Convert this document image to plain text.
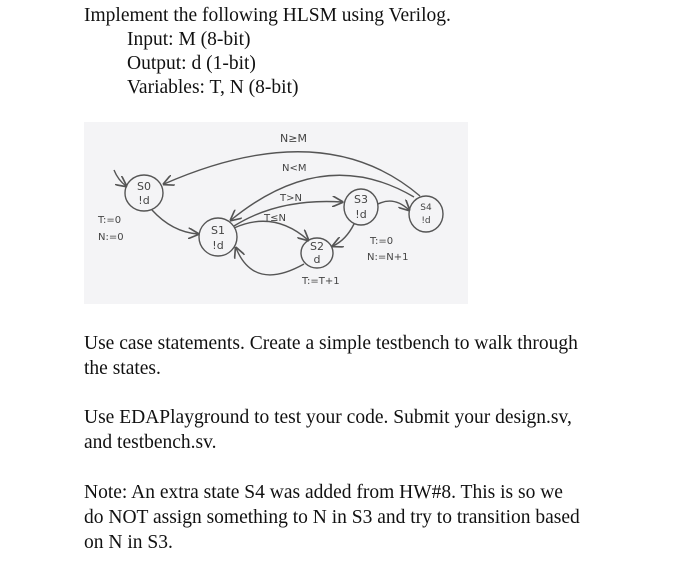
Implement the following HLSM using Verilog.
Input: M (8-bit)
Output: d (1-bit)
Variables: T, N (8-bit)
S0
!d
S1
!d	S2
d
S3
!d	S4
!d
N≥M
N<M
T>N
T≤N
T:=0
N:=0
T:=T+1
T:=0
N:=N+1
Use case statements. Create a simple testbench to walk through
the states.
Use EDAPlayground to test your code. Submit your design.sv,
and testbench.sv.
Note: An extra state S4 was added from HW#8. This is so we
do NOT assign something to N in S3 and try to transition based
on N in S3.
